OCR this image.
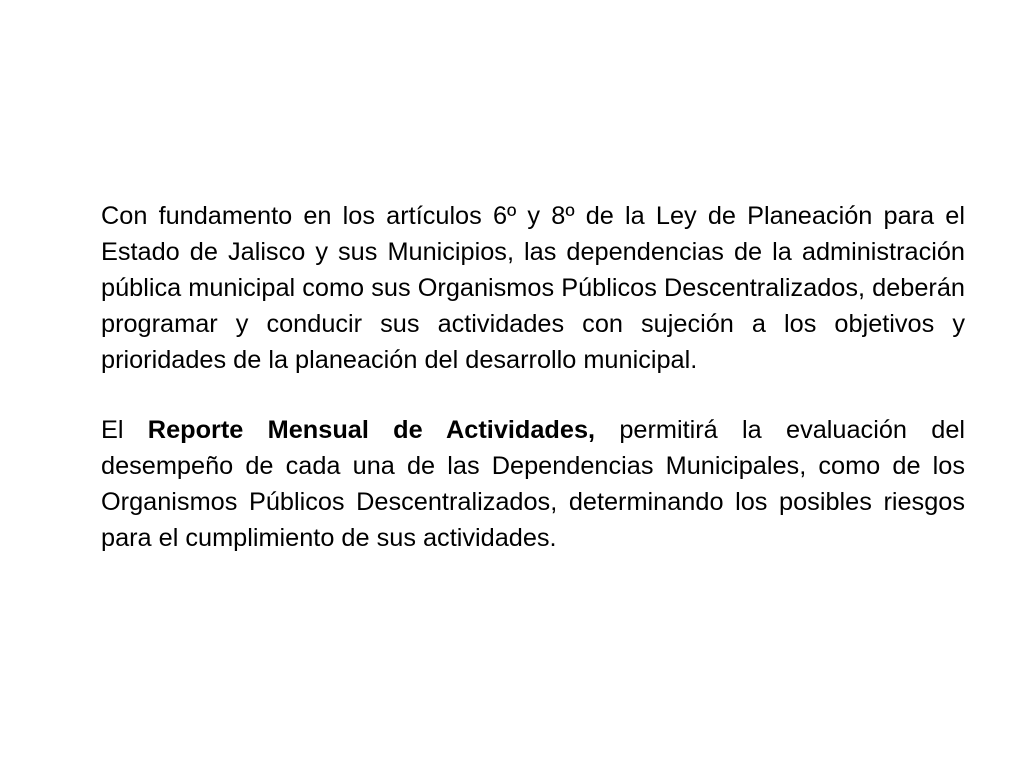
Con fundamento en los artículos 6º y 8º de la Ley de Planeación para el Estado de Jalisco y sus Municipios, las dependencias de la administración pública municipal como sus Organismos Públicos Descentralizados, deberán programar y conducir sus actividades con sujeción a los objetivos y prioridades de la planeación del desarrollo municipal.

El Reporte Mensual de Actividades, permitirá la evaluación del desempeño de cada una de las Dependencias Municipales, como de los Organismos Públicos Descentralizados, determinando los posibles riesgos para el cumplimiento de sus actividades.
